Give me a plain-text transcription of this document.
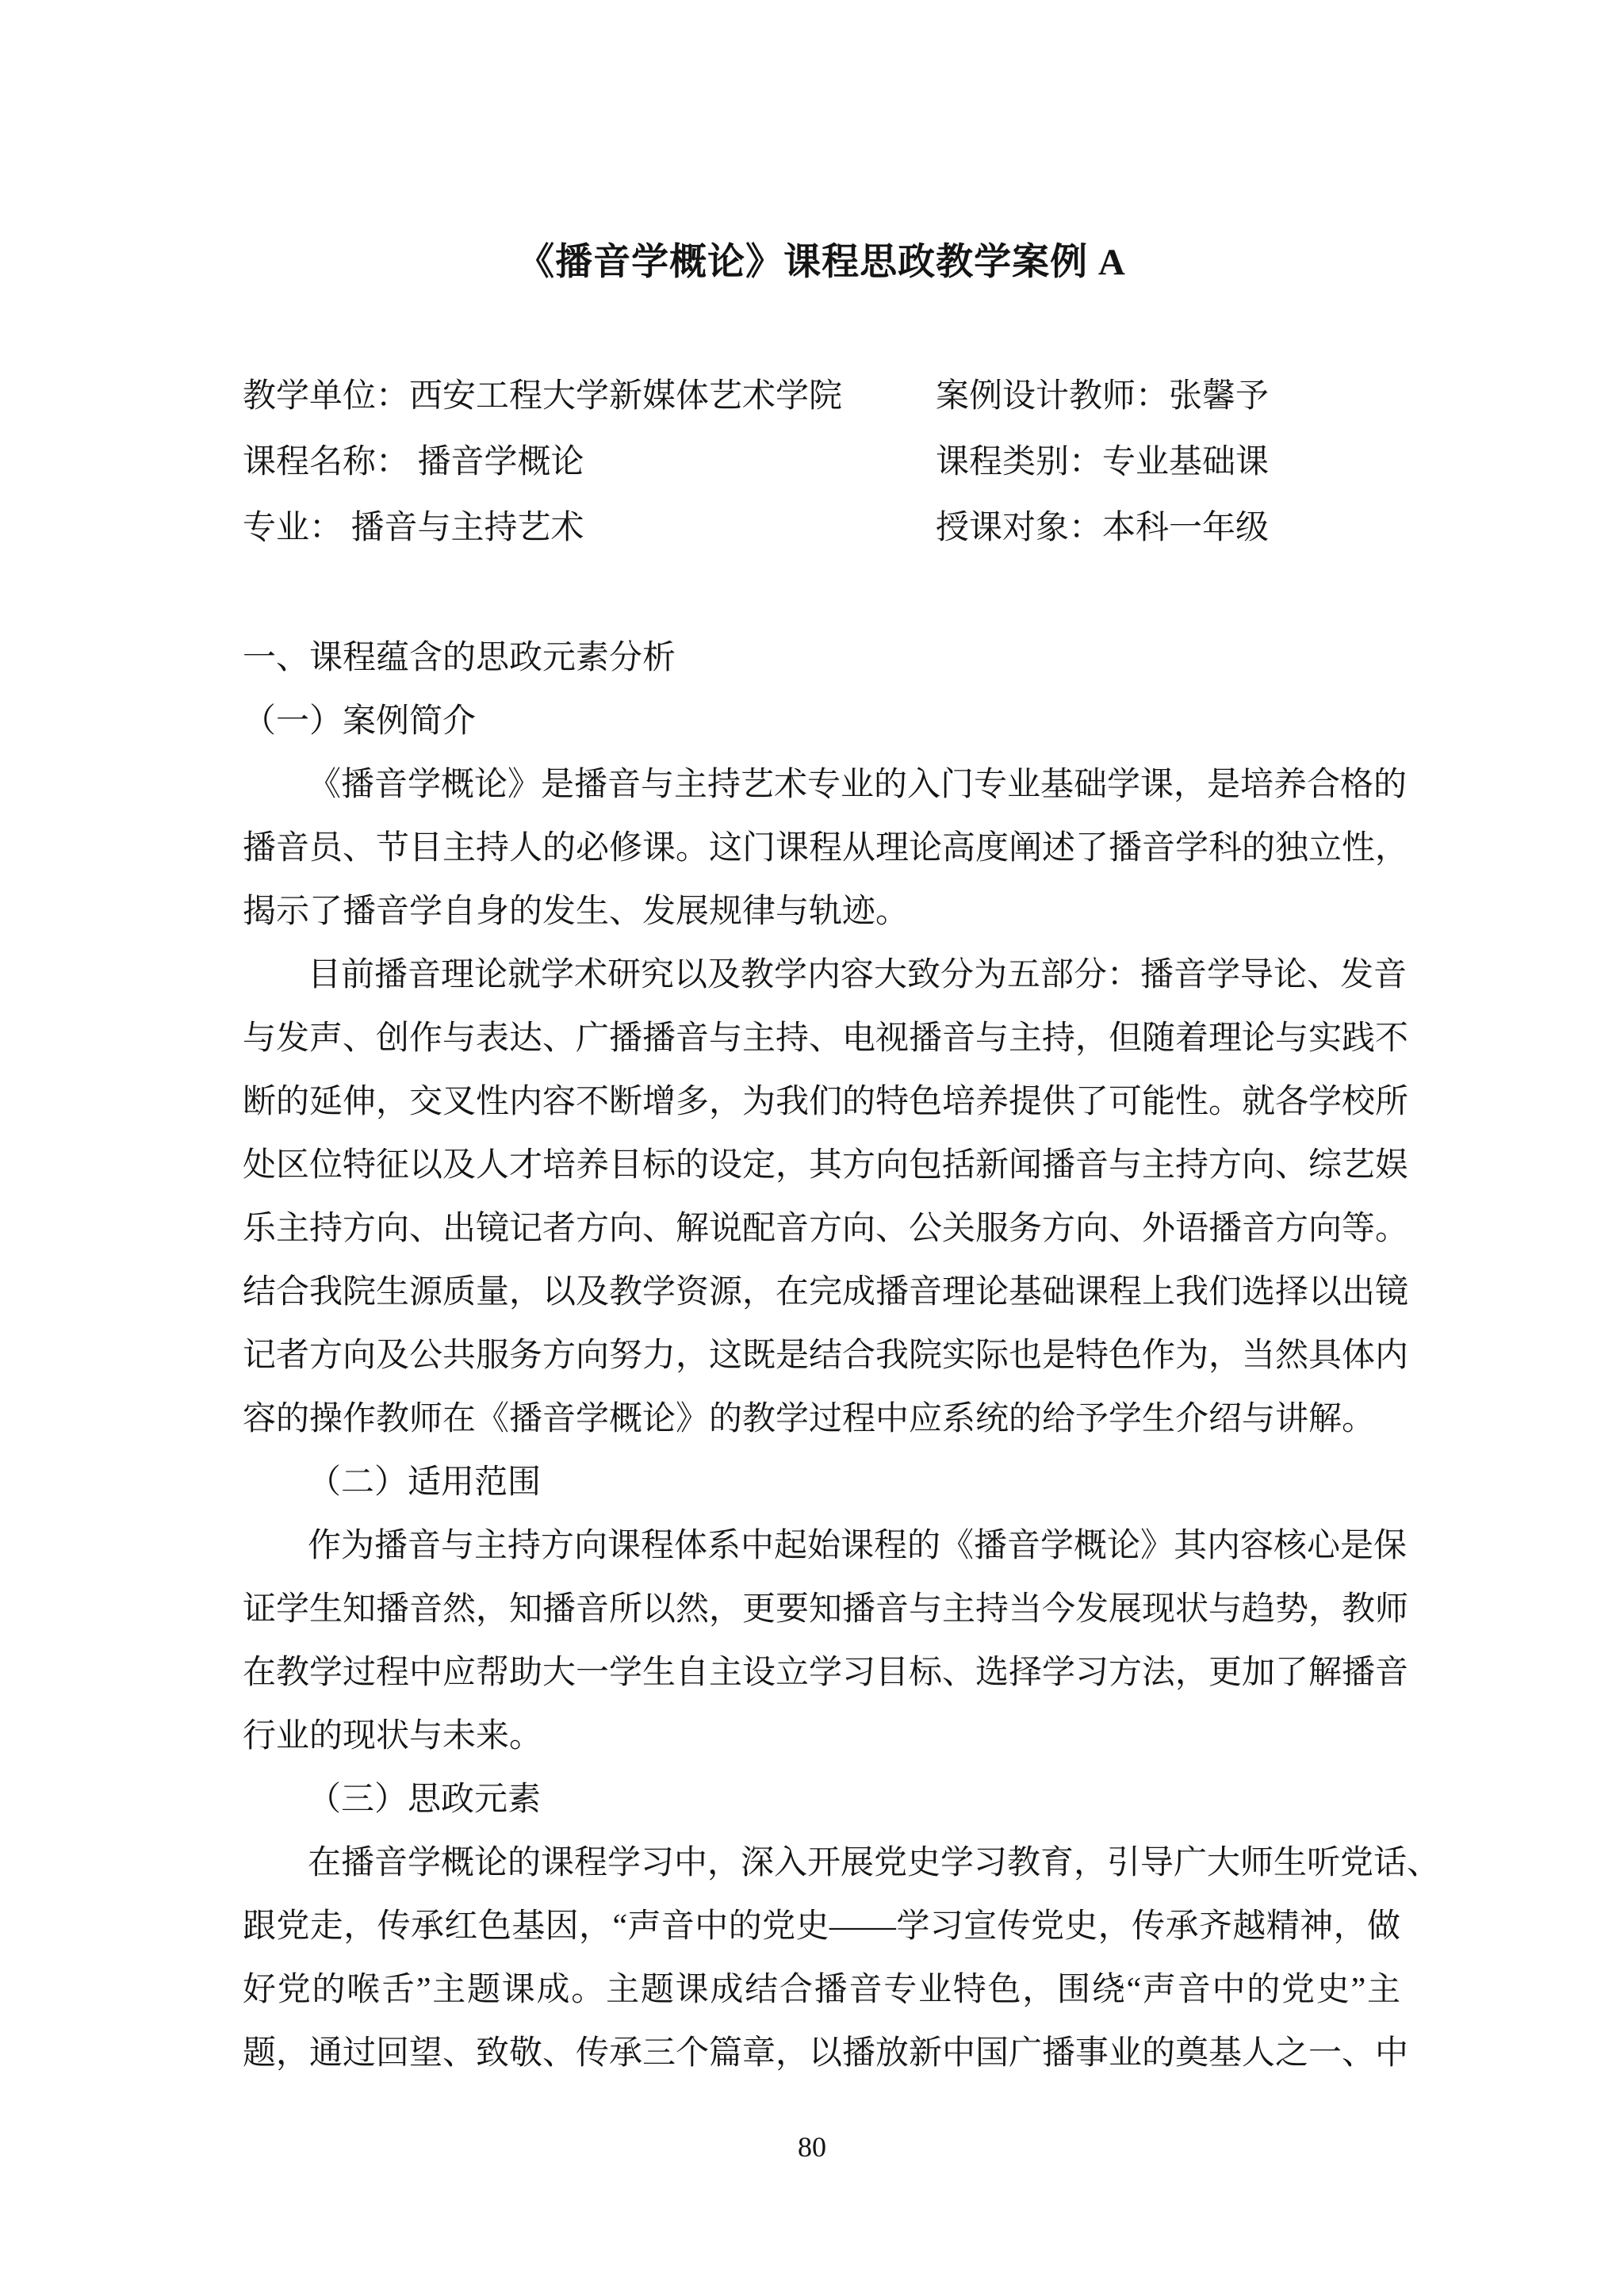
《播音学概论》课程思政教学案例 A
教学单位：西安工程大学新媒体艺术学院	案例设计教师：张馨予
课程名称： 播音学概论	课程类别：专业基础课
专业： 播音与主持艺术	授课对象：本科一年级
一、课程蕴含的思政元素分析
（一）案例简介
《播音学概论》是播音与主持艺术专业的入门专业基础学课，是培养合格的
播音员、节目主持人的必修课。这门课程从理论高度阐述了播音学科的独立性，
揭示了播音学自身的发生、发展规律与轨迹。
目前播音理论就学术研究以及教学内容大致分为五部分：播音学导论、发音
与发声、创作与表达、广播播音与主持、电视播音与主持，但随着理论与实践不
断的延伸，交叉性内容不断增多，为我们的特色培养提供了可能性。就各学校所
处区位特征以及人才培养目标的设定，其方向包括新闻播音与主持方向、综艺娱
乐主持方向、出镜记者方向、解说配音方向、公关服务方向、外语播音方向等。
结合我院生源质量，以及教学资源，在完成播音理论基础课程上我们选择以出镜
记者方向及公共服务方向努力，这既是结合我院实际也是特色作为，当然具体内
容的操作教师在《播音学概论》的教学过程中应系统的给予学生介绍与讲解。
（二）适用范围
作为播音与主持方向课程体系中起始课程的《播音学概论》其内容核心是保
证学生知播音然，知播音所以然，更要知播音与主持当今发展现状与趋势，教师
在教学过程中应帮助大一学生自主设立学习目标、选择学习方法，更加了解播音
行业的现状与未来。
（三）思政元素
在播音学概论的课程学习中，深入开展党史学习教育，引导广大师生听党话、
跟党走，传承红色基因，“声音中的党史——学习宣传党史，传承齐越精神，做
好党的喉舌”主题课成。主题课成结合播音专业特色，围绕“声音中的党史”主
题，通过回望、致敬、传承三个篇章，以播放新中国广播事业的奠基人之一、中
80
